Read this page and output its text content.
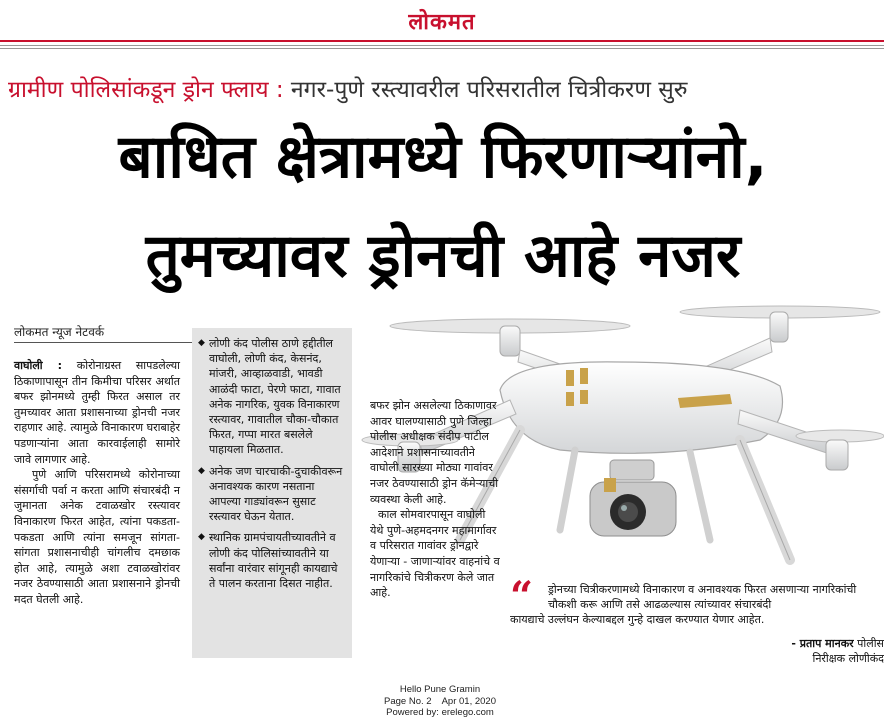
लोकमत
ग्रामीण पोलिसांकडून ड्रोन फ्लाय : नगर-पुणे रस्त्यावरील परिसरातील चित्रीकरण सुरु
बाधित क्षेत्रामध्ये फिरणाऱ्यांनो,
तुमच्यावर ड्रोनची आहे नजर
लोकमत न्यूज नेटवर्क

वाघोली : कोरोनाग्रस्त सापडलेल्या ठिकाणापासून तीन किमीचा परिसर अर्थात बफर झोनमध्ये तुम्ही फिरत असाल तर तुमच्यावर आता प्रशासनाच्या ड्रोनची नजर राहणार आहे. त्यामुळे विनाकारण घराबाहेर पडणाऱ्यांना आता कारवाईलाही सामोरे जावे लागणार आहे.

पुणे आणि परिसरामध्ये कोरोनाच्या संसर्गाची पर्वा न करता आणि संचारबंदी न जुमानता अनेक टवाळखोर रस्त्यावर विनाकारण फिरत आहेत, त्यांना पकडता-पकडता आणि त्यांना समजून सांगता-सांगता प्रशासनाचीही चांगलीच दमछाक होत आहे, त्यामुळे अशा टवाळखोरांवर नजर ठेवण्यासाठी आता प्रशासनाने ड्रोनची मदत घेतली आहे.

◆ लोणी कंद पोलीस ठाणे हद्दीतील वाघोली, लोणी कंद, केसनंद, मांजरी, आव्हाळवाडी, भावडी आळंदी फाटा, पेरणे फाटा, गावात अनेक नागरिक, युवक विनाकारण रस्त्यावर, गावातील चौका-चौकात फिरत, गप्पा मारत बसलेले पाहायला मिळतात.
◆ अनेक जण चारचाकी-दुचाकीवरून अनावश्यक कारण नसताना आपल्या गाड्यांवरून सुसाट रस्त्यावर घेऊन येतात.
◆ स्थानिक ग्रामपंचायतीच्यावतीने व लोणी कंद पोलिसांच्यावतीने या सर्वांना वारंवार सांगूनही कायद्याचे ते पालन करताना दिसत नाहीत.

बफर झोन असलेल्या ठिकाणावर आवर घालण्यासाठी पुणे जिल्हा पोलीस अधीक्षक संदीप पाटील आदेशाने प्रशासनाच्यावतीने वाघोली सारख्या मोठ्या गावांवर नजर ठेवण्यासाठी ड्रोन कॅमेऱ्याची व्यवस्था केली आहे.

काल सोमवारपासून वाघोली येथे पुणे-अहमदनगर महामार्गावर व परिसरात गावांवर ड्रोनद्वारे येणाऱ्या - जाणाऱ्यांवर वाहनांचे व नागरिकांचे चित्रीकरण केले जात आहे.	“	ड्रोनच्या चित्रीकरणामध्ये विनाकारण व अनावश्यक फिरत असणाऱ्या नागरिकांची चौकशी करू आणि तसे आढळल्यास त्यांच्यावर संचारबंदी
कायद्याचे उल्लंघन केल्याबद्दल गुन्हे दाखल करण्यात येणार आहेत.
- प्रताप मानकर पोलीस
निरीक्षक लोणीकंद
Hello Pune Gramin
Page No. 2    Apr 01, 2020
Powered by: erelego.com
